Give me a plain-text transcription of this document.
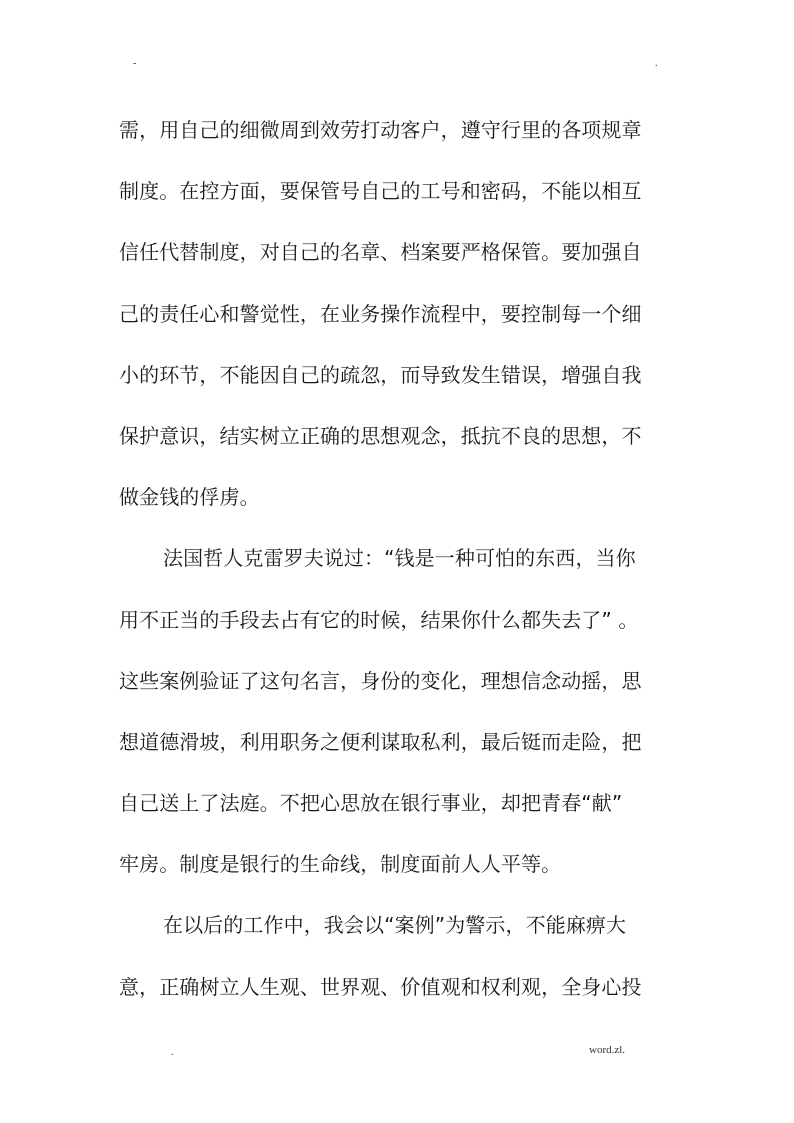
-	.
需，用自己的细微周到效劳打动客户，遵守行里的各项规章
制度。在控方面，要保管号自己的工号和密码，不能以相互
信任代替制度，对自己的名章、档案要严格保管。要加强自
己的责任心和警觉性，在业务操作流程中，要控制每一个细
小的环节，不能因自己的疏忽，而导致发生错误，增强自我
保护意识，结实树立正确的思想观念，抵抗不良的思想，不
做金钱的俘虏。
法国哲人克雷罗夫说过：“钱是一种可怕的东西，当你
用不正当的手段去占有它的时候，结果你什么都失去了” 。
这些案例验证了这句名言，身份的变化，理想信念动摇，思
想道德滑坡，利用职务之便利谋取私利，最后铤而走险，把
自己送上了法庭。不把心思放在银行事业，却把青春“献”
牢房。制度是银行的生命线，制度面前人人平等。
在以后的工作中，我会以“案例”为警示，不能麻痹大
意，正确树立人生观、世界观、价值观和权利观，全身心投
.	word.zl.
